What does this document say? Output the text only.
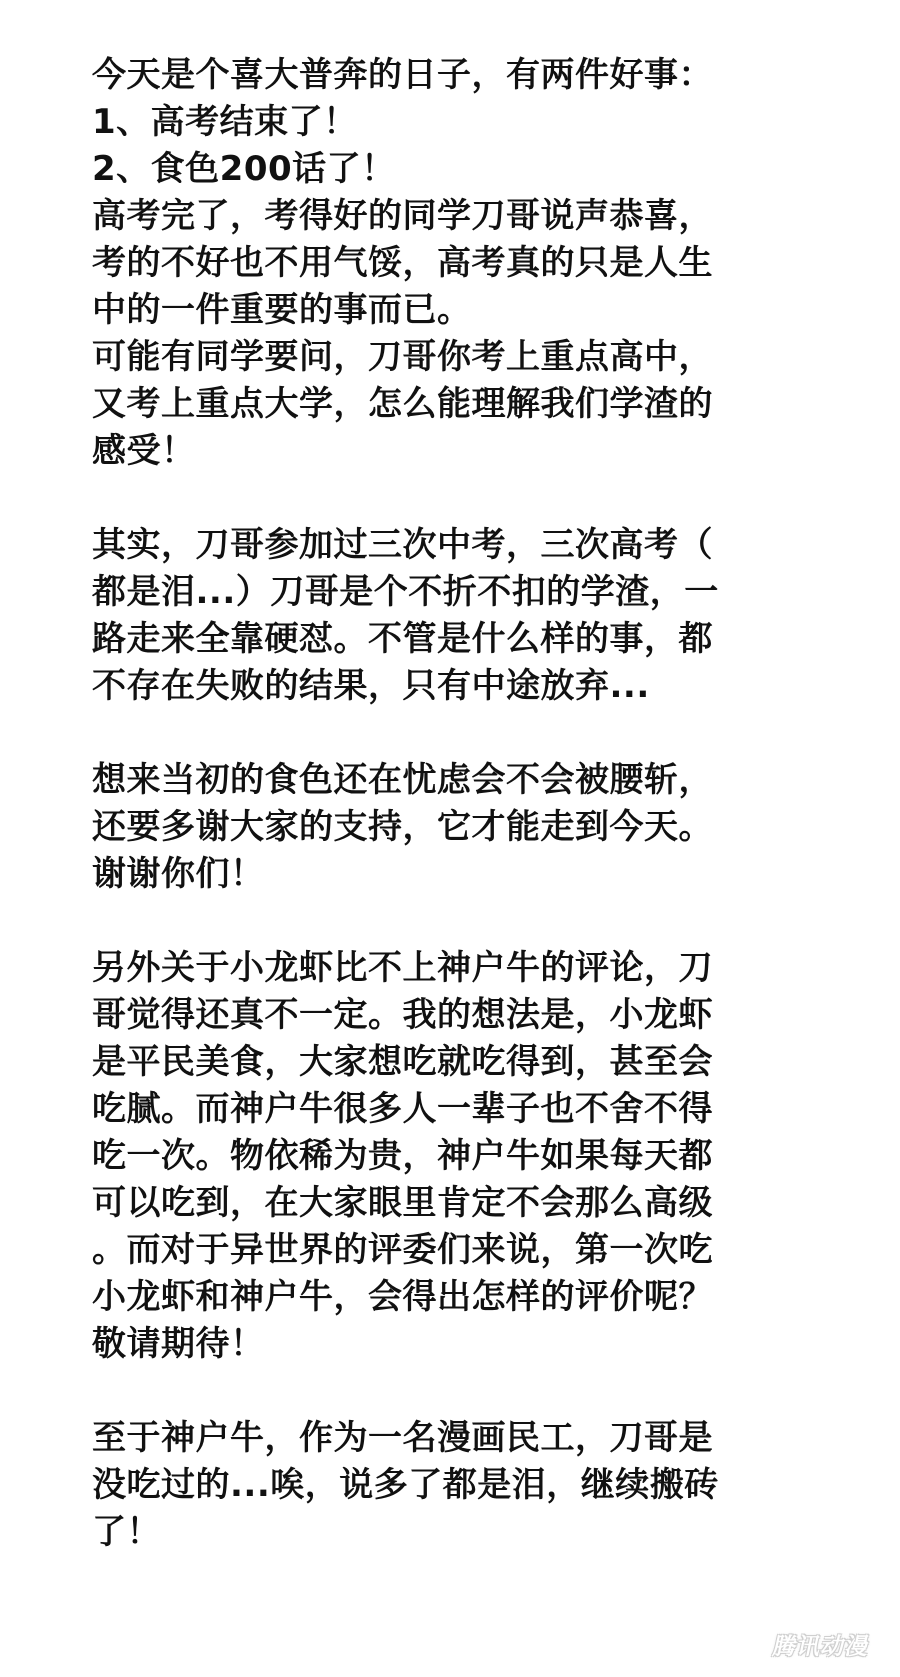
今天是个喜大普奔的日子，有两件好事：
1、高考结束了！
2、食色200话了！
高考完了，考得好的同学刀哥说声恭喜，
考的不好也不用气馁，高考真的只是人生
中的一件重要的事而已。
可能有同学要问，刀哥你考上重点高中，
又考上重点大学，怎么能理解我们学渣的
感受！
其实，刀哥参加过三次中考，三次高考（
都是泪...）刀哥是个不折不扣的学渣，一
路走来全靠硬怼。不管是什么样的事，都
不存在失败的结果，只有中途放弃...
想来当初的食色还在忧虑会不会被腰斩，
还要多谢大家的支持，它才能走到今天。
谢谢你们！
另外关于小龙虾比不上神户牛的评论，刀
哥觉得还真不一定。我的想法是，小龙虾
是平民美食，大家想吃就吃得到，甚至会
吃腻。而神户牛很多人一辈子也不舍不得
吃一次。物依稀为贵，神户牛如果每天都
可以吃到，在大家眼里肯定不会那么高级
。而对于异世界的评委们来说，第一次吃
小龙虾和神户牛，会得出怎样的评价呢？
敬请期待！
至于神户牛，作为一名漫画民工，刀哥是
没吃过的...唉，说多了都是泪，继续搬砖
了！
腾讯动漫
